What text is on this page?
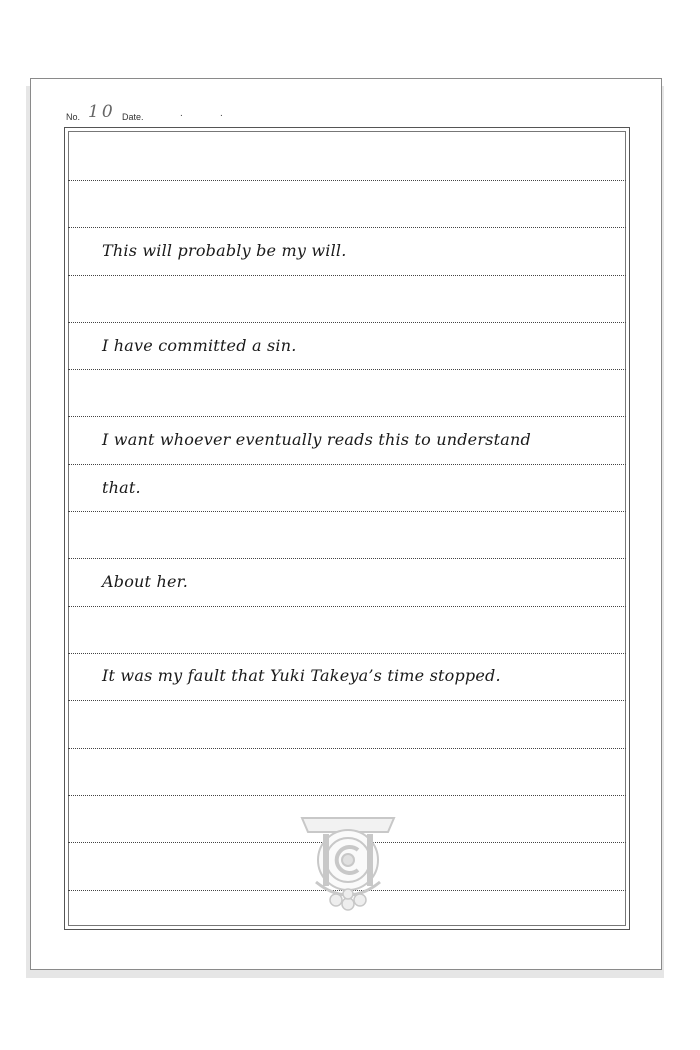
No. 10 Date.	.	.
This will probably be my will.
I have committed a sin.
I want whoever eventually reads this to understand
that.
About her.
It was my fault that Yuki Takeya’s time stopped.
